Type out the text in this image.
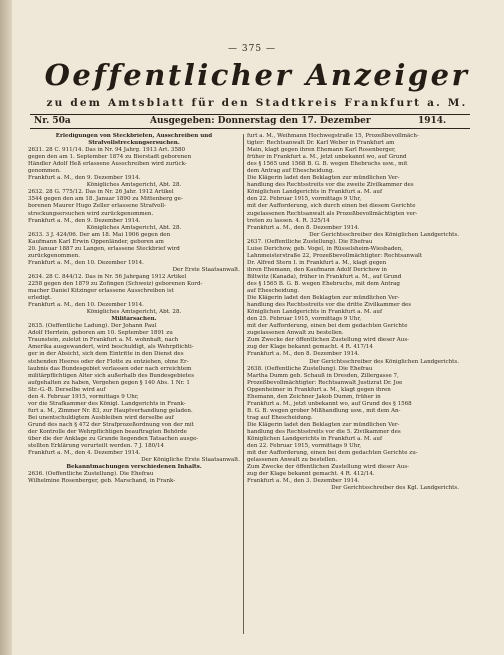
— 375 —
Oeffentlicher Anzeiger
zu dem Amtsblatt für den Stadtkreis Frankfurt a. M.
Nr. 50a	Ausgegeben: Donnerstag den 17. Dezember	1914.

Erledigungen von Steckbriefen, Ausschreiben und

Strafvollstreckungsersuchen.

2631. 28 C. 911/14. Das in Nr. 94 Jahrg. 1913 Art. 3580

gegen den am 1. September 1874 zu Bierstadt geborenen

Händler Adolf Heß erlassene Ausschreiben wird zurück-

genommen.

Frankfurt a. M., den 9. Dezember 1914.

Königliches Amtsgericht, Abt. 28.

2632. 28 G. 775/12. Das in Nr. 26 Jahr. 1912 Artikel

3544 gegen den am 18. Januar 1890 zu Mittenberg ge-

borenen Maurer Hugo Zeller erlassene Strafvoll-

streckungsersuchen wird zurückgenommen.

Frankfurt a. M., den 9. Dezember 1914.

Königliches Amtsgericht, Abt. 28.

2633. 3 J. 424/06. Der am 18. Mai 1906 gegen den

Kaufmann Karl Erwin Oppenländer, geboren am

20. Januar 1887 zu Langen, erlassene Steckbrief wird

zurückgenommen.

Frankfurt a. M., den 10. Dezember 1914.

Der Erste Staatsanwalt.

2634. 28 C. 844/12. Das in Nr. 56 Jahrgang 1912 Artikel

2258 gegen den 1879 zu Zofingen (Schweiz) geborenen Kord-

macher Daniel Kitzinger erlassene Ausschreiben ist

erledigt.

Frankfurt a. M., den 10. Dezember 1914.

Königliches Amtsgericht, Abt. 28.

Militärsachen.

2635. (Oeffentliche Ladung). Der Johann Paul

Adolf Herrlein, geboren am 10. September 1891 zu

Traunstein, zuletzt in Frankfurt a. M. wohnhaft, nach

Amerika ausgewandert, wird beschuldigt, als Wehrpflichti-

ger in der Absicht, sich dem Eintritte in den Dienst des

stehenden Heeres oder der Flotte zu entziehen, ohne Er-

laubnis das Bundesgebiet verlassen oder nach erreichtem

militärpflichtigen Alter sich außerhalb des Bundesgebietes

aufgehalten zu haben, Vergehen gegen § 140 Abs. 1 Nr. 1

Str.-G.-B. Derselbe wird auf

den 4. Februar 1915, vormittags 9 Uhr,

vor die Strafkammer des Königl. Landgerichts in Frank-

furt a. M., Zimmer Nr. 83, zur Hauptverhandlung geladen.

Bei unentschuldigtem Ausbleiben wird derselbe auf

Grund des nach § 472 der Strafprozeßordnung von der mit

der Kontrolle der Wehrpflichtigen beauftragten Behörde

über die der Anklage zu Grunde liegenden Tatsachen ausge-

stellten Erklärung verurteilt werden. 7 J. 180/14

Frankfurt a. M., den 4. Dezember 1914.

Der Königliche Erste Staatsanwalt.

Bekanntmachungen verschiedenen Inhalts.

2636. (Oeffentliche Zustellung). Die Ehefrau

Wilhelmine Rosenberger, geb. Marschand, in Frank-

furt a. M., Weihmann Hochwegstraße 15, Prozeßbevollmäch-

tigter: Rechtsanwalt Dr. Karl Weber in Frankfurt am

Main, klagt gegen ihren Ehemann Karl Rosenberger,

früher in Frankfurt a. M., jetzt unbekannt wo, auf Grund

des § 1565 und 1568 B. G. B. wegen Ehebruchs usw., mit

dem Antrag auf Ehescheidung.

Die Klägerin ladet den Beklagten zur mündlichen Ver-

handlung des Rechtsstreits vor die zweite Zivilkammer des

Königlichen Landgerichts in Frankfurt a. M. auf

den 22. Februar 1915, vormittags 9 Uhr,

mit der Aufforderung, sich durch einen bei diesem Gerichte

zugelassenen Rechtsanwalt als Prozeßbevollmächtigten ver-

treten zu lassen. 4. R. 325/14

Frankfurt a. M., den 8. Dezember 1914.

Der Gerichtsschreiber des Königlichen Landgerichts.

2637. (Oeffentliche Zustellung). Die Ehefrau

Luise Derichow, geb. Vogel, in Rüsselsheim-Wiesbaden,

Lahnmeisterstraße 22, Prozeßbevollmächtigter: Rechtsanwalt

Dr. Alfred Stern I. in Frankfurt a. M., klagt gegen

ihren Ehemann, den Kaufmann Adolf Derichow in

Biltwitz (Kanada), früher in Frankfurt a. M., auf Grund

des § 1565 B. G. B. wegen Ehebruchs, mit dem Antrag

auf Ehescheidung.

Die Klägerin ladet den Beklagten zur mündlichen Ver-

handlung des Rechtsstreits vor die dritte Zivilkammer des

Königlichen Landgerichts in Frankfurt a. M. auf

den 25. Februar 1915, vormittags 9 Uhr,

mit der Aufforderung, einen bei dem gedachten Gerichte

zugelassenen Anwalt zu bestellen.

Zum Zwecke der öffentlichen Zustellung wird dieser Aus-

zug der Klage bekannt gemacht. 4 R. 417/14

Frankfurt a. M., den 8. Dezember 1914.

Der Gerichtsschreiber des Königlichen Landgerichts.

2638. (Oeffentliche Zustellung). Die Ehefrau

Martha Dumm geb. Schauß in Dresden, Zillergasse 7,

Prozeßbevollmächtigter: Rechtsanwalt Justizrat Dr. Joe

Oppenheimer in Frankfurt a. M., klagt gegen ihren

Ehemann, den Zeichner Jakob Dumm, früher in

Frankfurt a. M., jetzt unbekannt wo, auf Grund des § 1568

B. G. B. wegen grober Mißhandlung usw., mit dem An-

trag auf Ehescheidung.

Die Klägerin ladet den Beklagten zur mündlichen Ver-

handlung des Rechtsstreits vor die 5. Zivilkammer des

Königlichen Landgerichts in Frankfurt a. M. auf

den 22. Februar 1915, vormittags 9 Uhr,

mit der Aufforderung, einen bei dem gedachten Gerichte zu-

gelassenen Anwalt zu bestellen.

Zum Zwecke der öffentlichen Zustellung wird dieser Aus-

zug der Klage bekannt gemacht. 4 R. 412/14.

Frankfurt a. M., den 3. Dezember 1914.

Der Gerichtsschreiber des Kgl. Landgerichts.
